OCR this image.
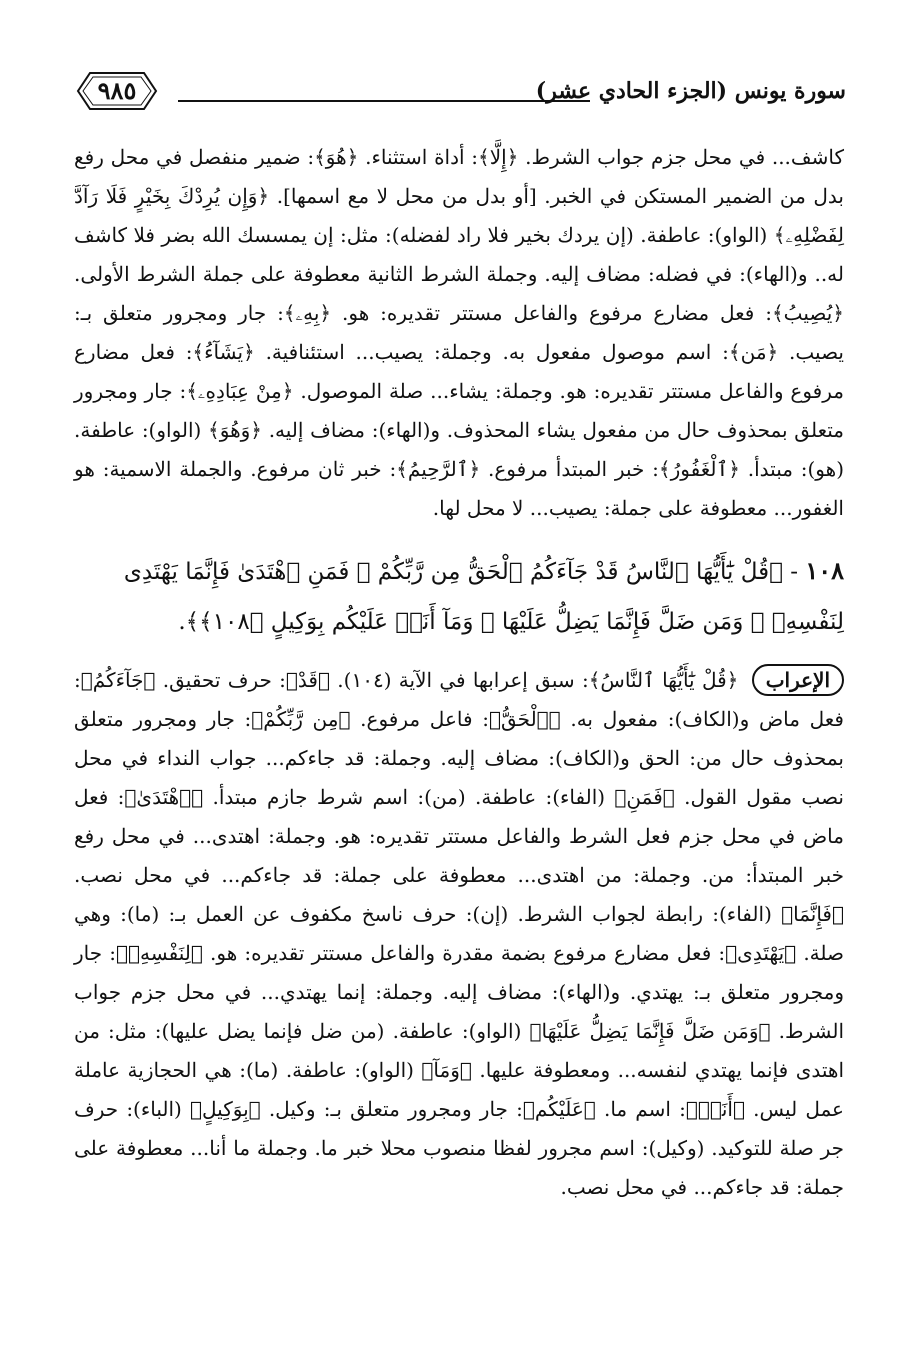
٩٨٥	سورة يونس (الجزء الحادي عشر)

كاشف... في محل جزم جواب الشرط. ﴿إِلَّا﴾: أداة استثناء. ﴿هُوَ﴾: ضمير منفصل في محل رفع بدل من الضمير المستكن في الخبر. [أو بدل من محل لا مع اسمها]. ﴿وَإِن يُرِدْكَ بِخَيْرٍ فَلَا رَآدَّ لِفَضْلِهِۦ﴾ (الواو): عاطفة. (إن يردك بخير فلا راد لفضله): مثل: إن يمسسك الله بضر فلا كاشف له.. و(الهاء): في فضله: مضاف إليه. وجملة الشرط الثانية معطوفة على جملة الشرط الأولى. ﴿يُصِيبُ﴾: فعل مضارع مرفوع والفاعل مستتر تقديره: هو. ﴿بِهِۦ﴾: جار ومجرور متعلق بـ: يصيب. ﴿مَن﴾: اسم موصول مفعول به. وجملة: يصيب... استئنافية. ﴿يَشَآءُ﴾: فعل مضارع مرفوع والفاعل مستتر تقديره: هو. وجملة: يشاء... صلة الموصول. ﴿مِنْ عِبَادِهِۦ﴾: جار ومجرور متعلق بمحذوف حال من مفعول يشاء المحذوف. و(الهاء): مضاف إليه. ﴿وَهُوَ﴾ (الواو): عاطفة. (هو): مبتدأ. ﴿ٱلْغَفُورُ﴾: خبر المبتدأ مرفوع. ﴿ٱلرَّحِيمُ﴾: خبر ثان مرفوع. والجملة الاسمية: هو الغفور... معطوفة على جملة: يصيب... لا محل لها.

١٠٨ - ﴿قُلْ يَٰٓأَيُّهَا ٱلنَّاسُ قَدْ جَآءَكُمُ ٱلْحَقُّ مِن رَّبِّكُمْ ۖ فَمَنِ ٱهْتَدَىٰ فَإِنَّمَا يَهْتَدِى لِنَفْسِهِۦ ۖ وَمَن ضَلَّ فَإِنَّمَا يَضِلُّ عَلَيْهَا ۖ وَمَآ أَنَا۠ عَلَيْكُم بِوَكِيلٍ ﴿١٠٨﴾﴾.

الإعراب ﴿قُلْ يَٰٓأَيُّهَا ٱلنَّاسُ﴾: سبق إعرابها في الآية (١٠٤). ﴿قَدْ﴾: حرف تحقيق. ﴿جَآءَكُمُ﴾: فعل ماض و(الكاف): مفعول به. ﴿ٱلْحَقُّ﴾: فاعل مرفوع. ﴿مِن رَّبِّكُمْ﴾: جار ومجرور متعلق بمحذوف حال من: الحق و(الكاف): مضاف إليه. وجملة: قد جاءكم... جواب النداء في محل نصب مقول القول. ﴿فَمَنِ﴾ (الفاء): عاطفة. (من): اسم شرط جازم مبتدأ. ﴿ٱهْتَدَىٰ﴾: فعل ماض في محل جزم فعل الشرط والفاعل مستتر تقديره: هو. وجملة: اهتدى... في محل رفع خبر المبتدأ: من. وجملة: من اهتدى... معطوفة على جملة: قد جاءكم... في محل نصب. ﴿فَإِنَّمَا﴾ (الفاء): رابطة لجواب الشرط. (إن): حرف ناسخ مكفوف عن العمل بـ: (ما): وهي صلة. ﴿يَهْتَدِى﴾: فعل مضارع مرفوع بضمة مقدرة والفاعل مستتر تقديره: هو. ﴿لِنَفْسِهِۦ﴾: جار ومجرور متعلق بـ: يهتدي. و(الهاء): مضاف إليه. وجملة: إنما يهتدي... في محل جزم جواب الشرط. ﴿وَمَن ضَلَّ فَإِنَّمَا يَضِلُّ عَلَيْهَا﴾ (الواو): عاطفة. (من ضل فإنما يضل عليها): مثل: من اهتدى فإنما يهتدي لنفسه... ومعطوفة عليها. ﴿وَمَآ﴾ (الواو): عاطفة. (ما): هي الحجازية عاملة عمل ليس. ﴿أَنَا۠﴾: اسم ما. ﴿عَلَيْكُم﴾: جار ومجرور متعلق بـ: وكيل. ﴿بِوَكِيلٍ﴾ (الباء): حرف جر صلة للتوكيد. (وكيل): اسم مجرور لفظا منصوب محلا خبر ما. وجملة ما أنا... معطوفة على جملة: قد جاءكم... في محل نصب.
